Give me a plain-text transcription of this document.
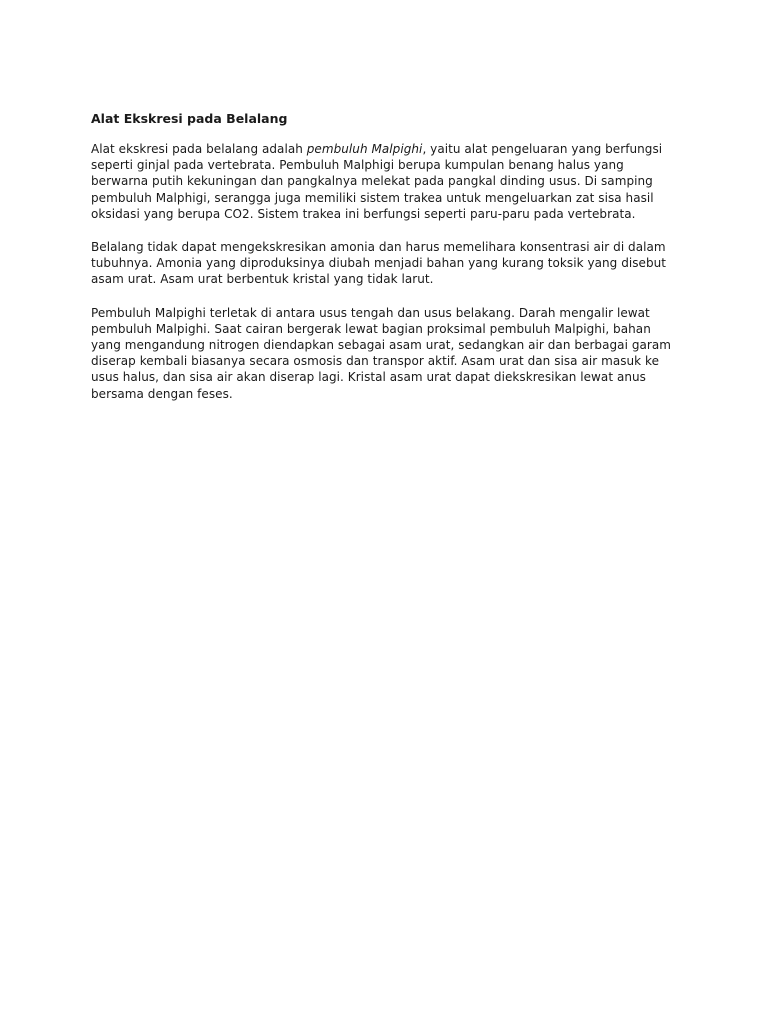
Alat Ekskresi pada Belalang

Alat ekskresi pada belalang adalah pembuluh Malpighi, yaitu alat pengeluaran yang berfungsi seperti ginjal pada vertebrata. Pembuluh Malphigi berupa kumpulan benang halus yang berwarna putih kekuningan dan pangkalnya melekat pada pangkal dinding usus. Di samping pembuluh Malphigi, serangga juga memiliki sistem trakea untuk mengeluarkan zat sisa hasil oksidasi yang berupa CO2. Sistem trakea ini berfungsi seperti paru-paru pada vertebrata.

Belalang tidak dapat mengekskresikan amonia dan harus memelihara konsentrasi air di dalam tubuhnya. Amonia yang diproduksinya diubah menjadi bahan yang kurang toksik yang disebut asam urat. Asam urat berbentuk kristal yang tidak larut.

Pembuluh Malpighi terletak di antara usus tengah dan usus belakang. Darah mengalir lewat pembuluh Malpighi. Saat cairan bergerak lewat bagian proksimal pembuluh Malpighi, bahan yang mengandung nitrogen diendapkan sebagai asam urat, sedangkan air dan berbagai garam diserap kembali biasanya secara osmosis dan transpor aktif. Asam urat dan sisa air masuk ke usus halus, dan sisa air akan diserap lagi. Kristal asam urat dapat diekskresikan lewat anus bersama dengan feses.
